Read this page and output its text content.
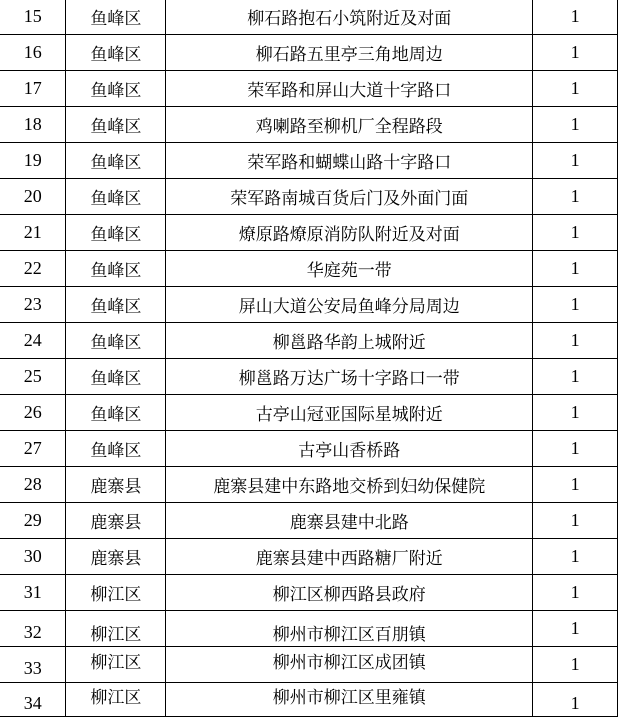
15	鱼峰区	柳石路抱石小筑附近及对面	1
16	鱼峰区	柳石路五里亭三角地周边	1
17	鱼峰区	荣军路和屏山大道十字路口	1
18	鱼峰区	鸡喇路至柳机厂全程路段	1
19	鱼峰区	荣军路和蝴蝶山路十字路口	1
20	鱼峰区	荣军路南城百货后门及外面门面	1
21	鱼峰区	燎原路燎原消防队附近及对面	1
22	鱼峰区	华庭苑一带	1
23	鱼峰区	屏山大道公安局鱼峰分局周边	1
24	鱼峰区	柳邕路华韵上城附近	1
25	鱼峰区	柳邕路万达广场十字路口一带	1
26	鱼峰区	古亭山冠亚国际星城附近	1
27	鱼峰区	古亭山香桥路	1
28	鹿寨县	鹿寨县建中东路地交桥到妇幼保健院	1
29	鹿寨县	鹿寨县建中北路	1
30	鹿寨县	鹿寨县建中西路糖厂附近	1
31	柳江区	柳江区柳西路县政府	1
32	柳江区	柳州市柳江区百朋镇	1
33	柳江区	柳州市柳江区成团镇	1
34	柳江区	柳州市柳江区里雍镇	1
